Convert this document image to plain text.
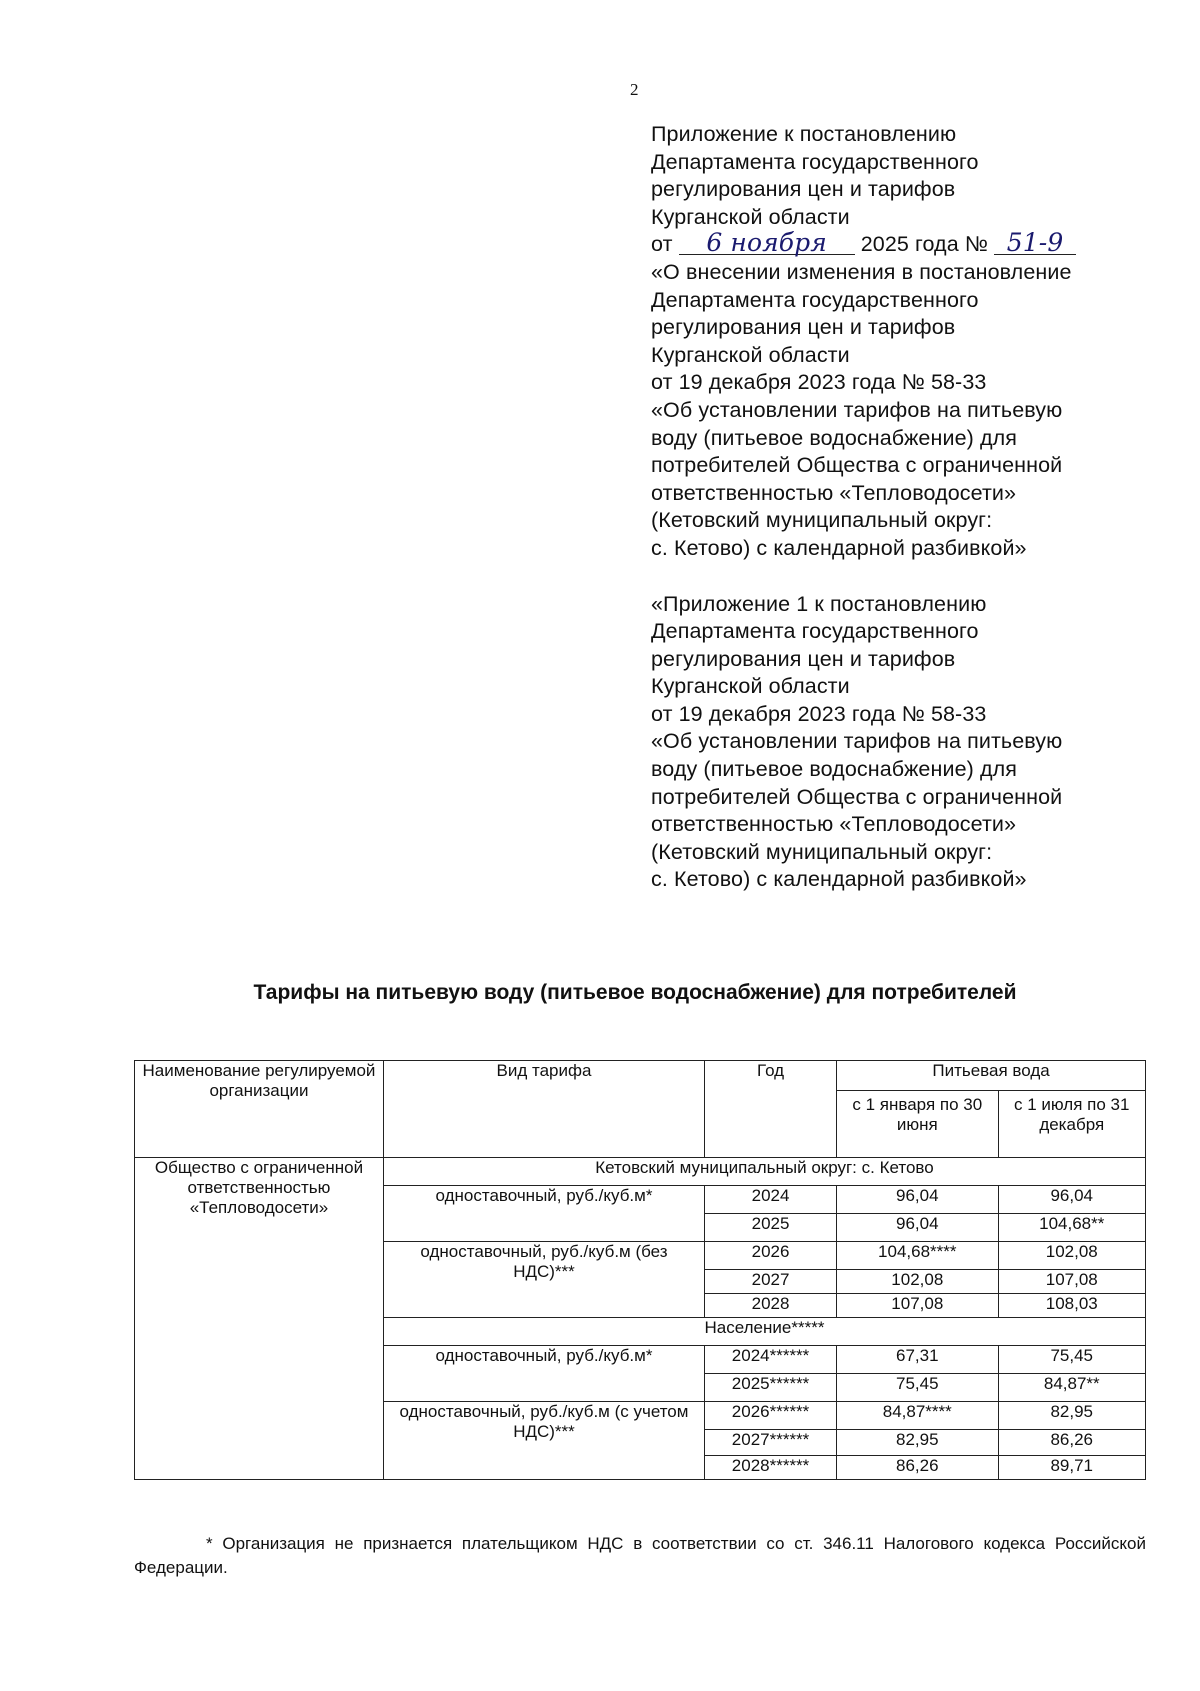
2
Приложение к постановлению
Департамента государственного
регулирования цен и тарифов
Курганской области
от 6 ноября 2025 года № 51-9
«О внесении изменения в постановление
Департамента государственного
регулирования цен и тарифов
Курганской области
от 19 декабря 2023 года № 58-33
«Об установлении тарифов на питьевую
воду (питьевое водоснабжение) для
потребителей Общества с ограниченной
ответственностью «Тепловодосети»
(Кетовский муниципальный округ:
с. Кетово) с календарной разбивкой»
«Приложение 1 к постановлению
Департамента государственного
регулирования цен и тарифов
Курганской области
от 19 декабря 2023 года № 58-33
«Об установлении тарифов на питьевую
воду (питьевое водоснабжение) для
потребителей Общества с ограниченной
ответственностью «Тепловодосети»
(Кетовский муниципальный округ:
с. Кетово) с календарной разбивкой»
Тарифы на питьевую воду (питьевое водоснабжение) для потребителей
Наименование регулируемой организации	Вид тарифа	Год	Питьевая вода	
			с 1 января по 30 июня	с 1 июля по 31 декабря
Общество с ограниченной ответственностью «Тепловодосети»	Кетовский муниципальный округ: с. Кетово			
	одноставочный, руб./куб.м*	2024	96,04	96,04
		2025	96,04	104,68**
	одноставочный, руб./куб.м (без НДС)***	2026	104,68****	102,08
		2027	102,08	107,08
		2028	107,08	108,03
	Население*****			
	одноставочный, руб./куб.м*	2024******	67,31	75,45
		2025******	75,45	84,87**
	одноставочный, руб./куб.м (с учетом НДС)***	2026******	84,87****	82,95
		2027******	82,95	86,26
		2028******	86,26	89,71
* Организация не признается плательщиком НДС в соответствии со ст. 346.11 Налогового кодекса Российской Федерации.
